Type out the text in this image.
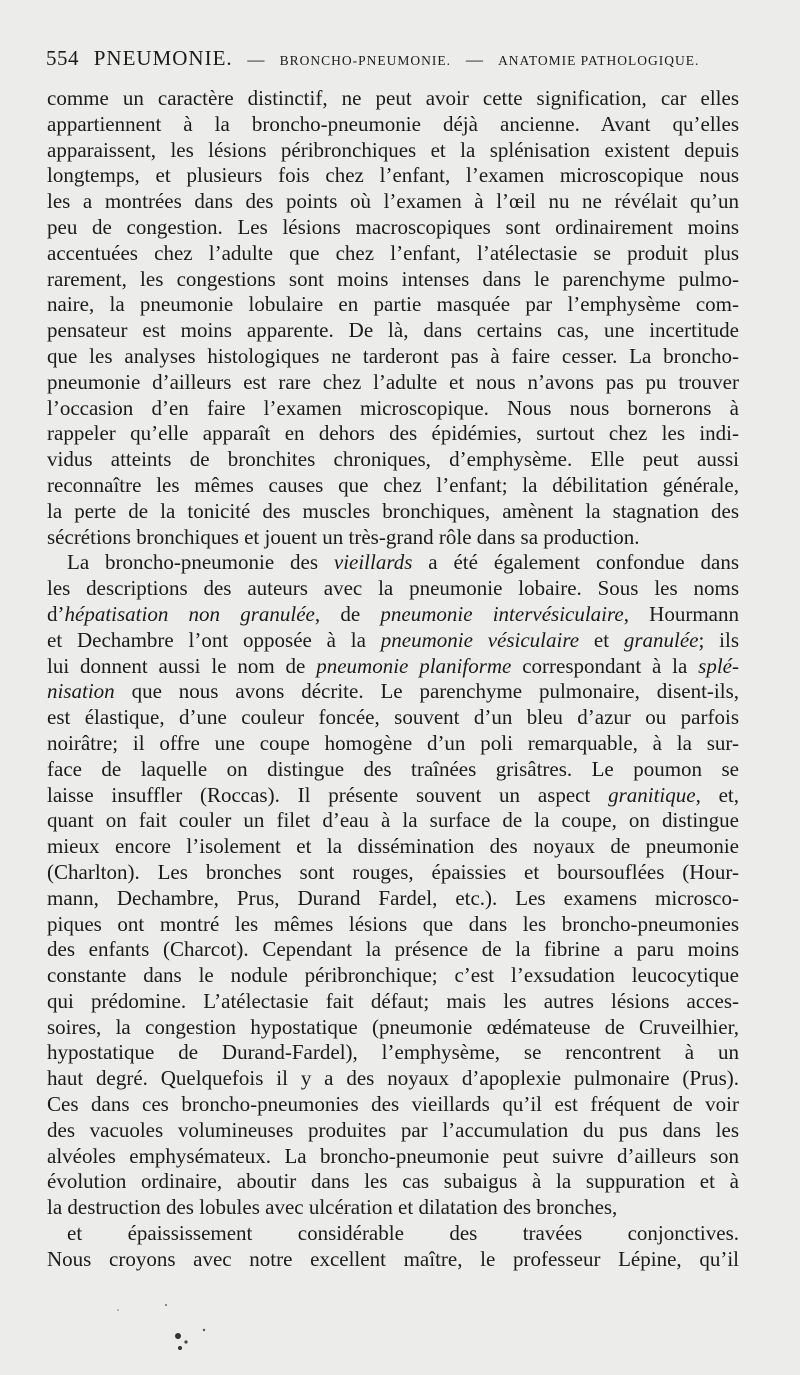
554 PNEUMONIE. — BRONCHO-PNEUMONIE. — ANATOMIE PATHOLOGIQUE.
comme un caractère distinctif, ne peut avoir cette signification, car elles
appartiennent à la broncho-pneumonie déjà ancienne. Avant qu’elles
apparaissent, les lésions péribronchiques et la splénisation existent depuis
longtemps, et plusieurs fois chez l’enfant, l’examen microscopique nous
les a montrées dans des points où l’examen à l’œil nu ne révélait qu’un
peu de congestion. Les lésions macroscopiques sont ordinairement moins
accentuées chez l’adulte que chez l’enfant, l’atélectasie se produit plus
rarement, les congestions sont moins intenses dans le parenchyme pulmo-
naire, la pneumonie lobulaire en partie masquée par l’emphysème com-
pensateur est moins apparente. De là, dans certains cas, une incertitude
que les analyses histologiques ne tarderont pas à faire cesser. La broncho-
pneumonie d’ailleurs est rare chez l’adulte et nous n’avons pas pu trouver
l’occasion d’en faire l’examen microscopique. Nous nous bornerons à
rappeler qu’elle apparaît en dehors des épidémies, surtout chez les indi-
vidus atteints de bronchites chroniques, d’emphysème. Elle peut aussi
reconnaître les mêmes causes que chez l’enfant; la débilitation générale,
la perte de la tonicité des muscles bronchiques, amènent la stagnation des
sécrétions bronchiques et jouent un très-grand rôle dans sa production.
La broncho-pneumonie des vieillards a été également confondue dans
les descriptions des auteurs avec la pneumonie lobaire. Sous les noms
d’hépatisation non granulée, de pneumonie intervésiculaire, Hourmann
et Dechambre l’ont opposée à la pneumonie vésiculaire et granulée; ils
lui donnent aussi le nom de pneumonie planiforme correspondant à la splé-
nisation que nous avons décrite. Le parenchyme pulmonaire, disent-ils,
est élastique, d’une couleur foncée, souvent d’un bleu d’azur ou parfois
noirâtre; il offre une coupe homogène d’un poli remarquable, à la sur-
face de laquelle on distingue des traînées grisâtres. Le poumon se
laisse insuffler (Roccas). Il présente souvent un aspect granitique, et,
quant on fait couler un filet d’eau à la surface de la coupe, on distingue
mieux encore l’isolement et la dissémination des noyaux de pneumonie
(Charlton). Les bronches sont rouges, épaissies et boursouflées (Hour-
mann, Dechambre, Prus, Durand Fardel, etc.). Les examens microsco-
piques ont montré les mêmes lésions que dans les broncho-pneumonies
des enfants (Charcot). Cependant la présence de la fibrine a paru moins
constante dans le nodule péribronchique; c’est l’exsudation leucocytique
qui prédomine. L’atélectasie fait défaut; mais les autres lésions acces-
soires, la congestion hypostatique (pneumonie œdémateuse de Cruveilhier,
hypostatique de Durand-Fardel), l’emphysème, se rencontrent à un
haut degré. Quelquefois il y a des noyaux d’apoplexie pulmonaire (Prus).
Ces dans ces broncho-pneumonies des vieillards qu’il est fréquent de voir
des vacuoles volumineuses produites par l’accumulation du pus dans les
alvéoles emphysémateux. La broncho-pneumonie peut suivre d’ailleurs son
évolution ordinaire, aboutir dans les cas subaigus à la suppuration et à
la destruction des lobules avec ulcération et dilatation des bronches,
et épaississement considérable des travées conjonctives.
Nous croyons avec notre excellent maître, le professeur Lépine, qu’il
